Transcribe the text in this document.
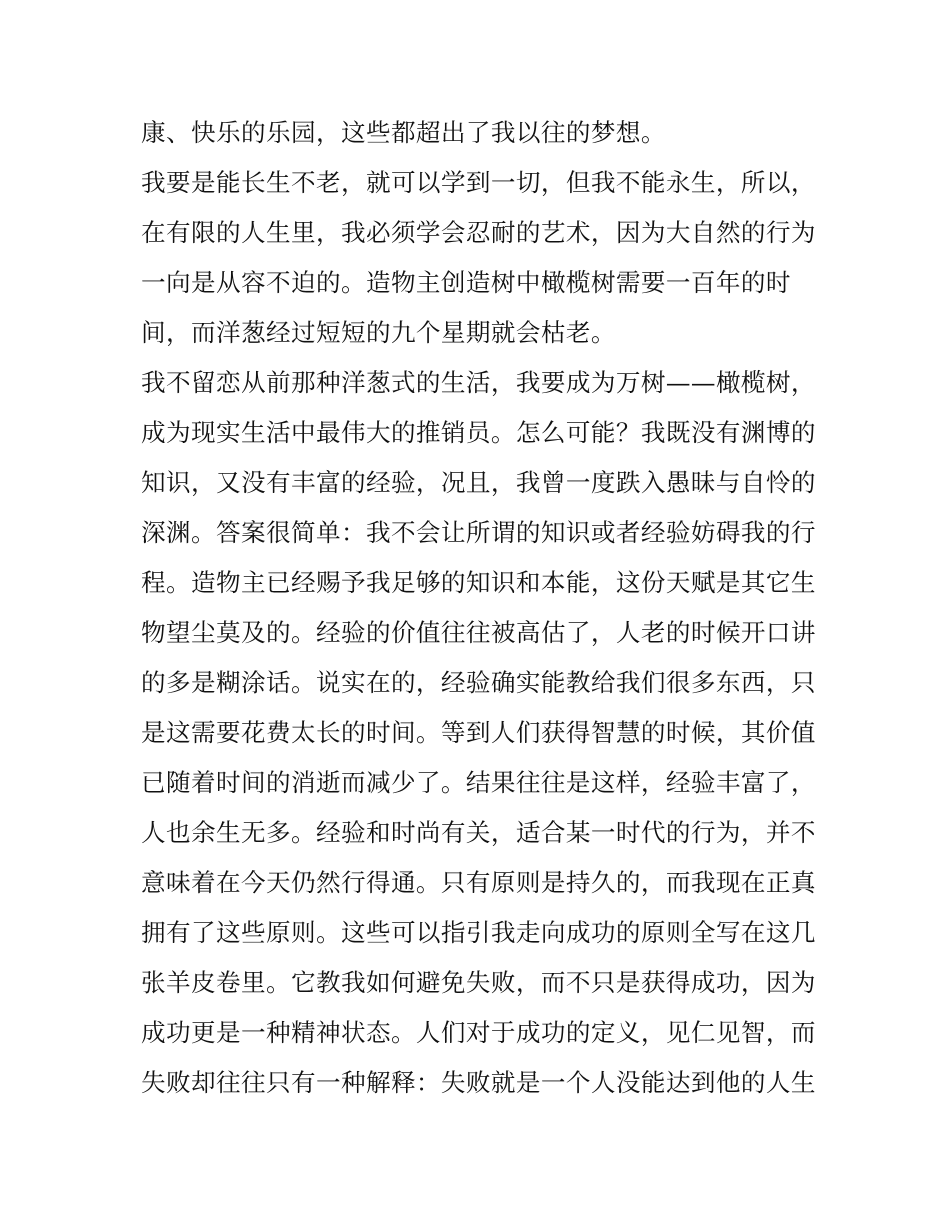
康、快乐的乐园，这些都超出了我以往的梦想。
我要是能长生不老，就可以学到一切，但我不能永生，所以，
在有限的人生里，我必须学会忍耐的艺术，因为大自然的行为
一向是从容不迫的。造物主创造树中橄榄树需要一百年的时
间，而洋葱经过短短的九个星期就会枯老。
我不留恋从前那种洋葱式的生活，我要成为万树——橄榄树，
成为现实生活中最伟大的推销员。怎么可能？我既没有渊博的
知识，又没有丰富的经验，况且，我曾一度跌入愚昧与自怜的
深渊。答案很简单：我不会让所谓的知识或者经验妨碍我的行
程。造物主已经赐予我足够的知识和本能，这份天赋是其它生
物望尘莫及的。经验的价值往往被高估了，人老的时候开口讲
的多是糊涂话。说实在的，经验确实能教给我们很多东西，只
是这需要花费太长的时间。等到人们获得智慧的时候，其价值
已随着时间的消逝而减少了。结果往往是这样，经验丰富了，
人也余生无多。经验和时尚有关，适合某一时代的行为，并不
意味着在今天仍然行得通。只有原则是持久的，而我现在正真
拥有了这些原则。这些可以指引我走向成功的原则全写在这几
张羊皮卷里。它教我如何避免失败，而不只是获得成功，因为
成功更是一种精神状态。人们对于成功的定义，见仁见智，而
失败却往往只有一种解释：失败就是一个人没能达到他的人生
